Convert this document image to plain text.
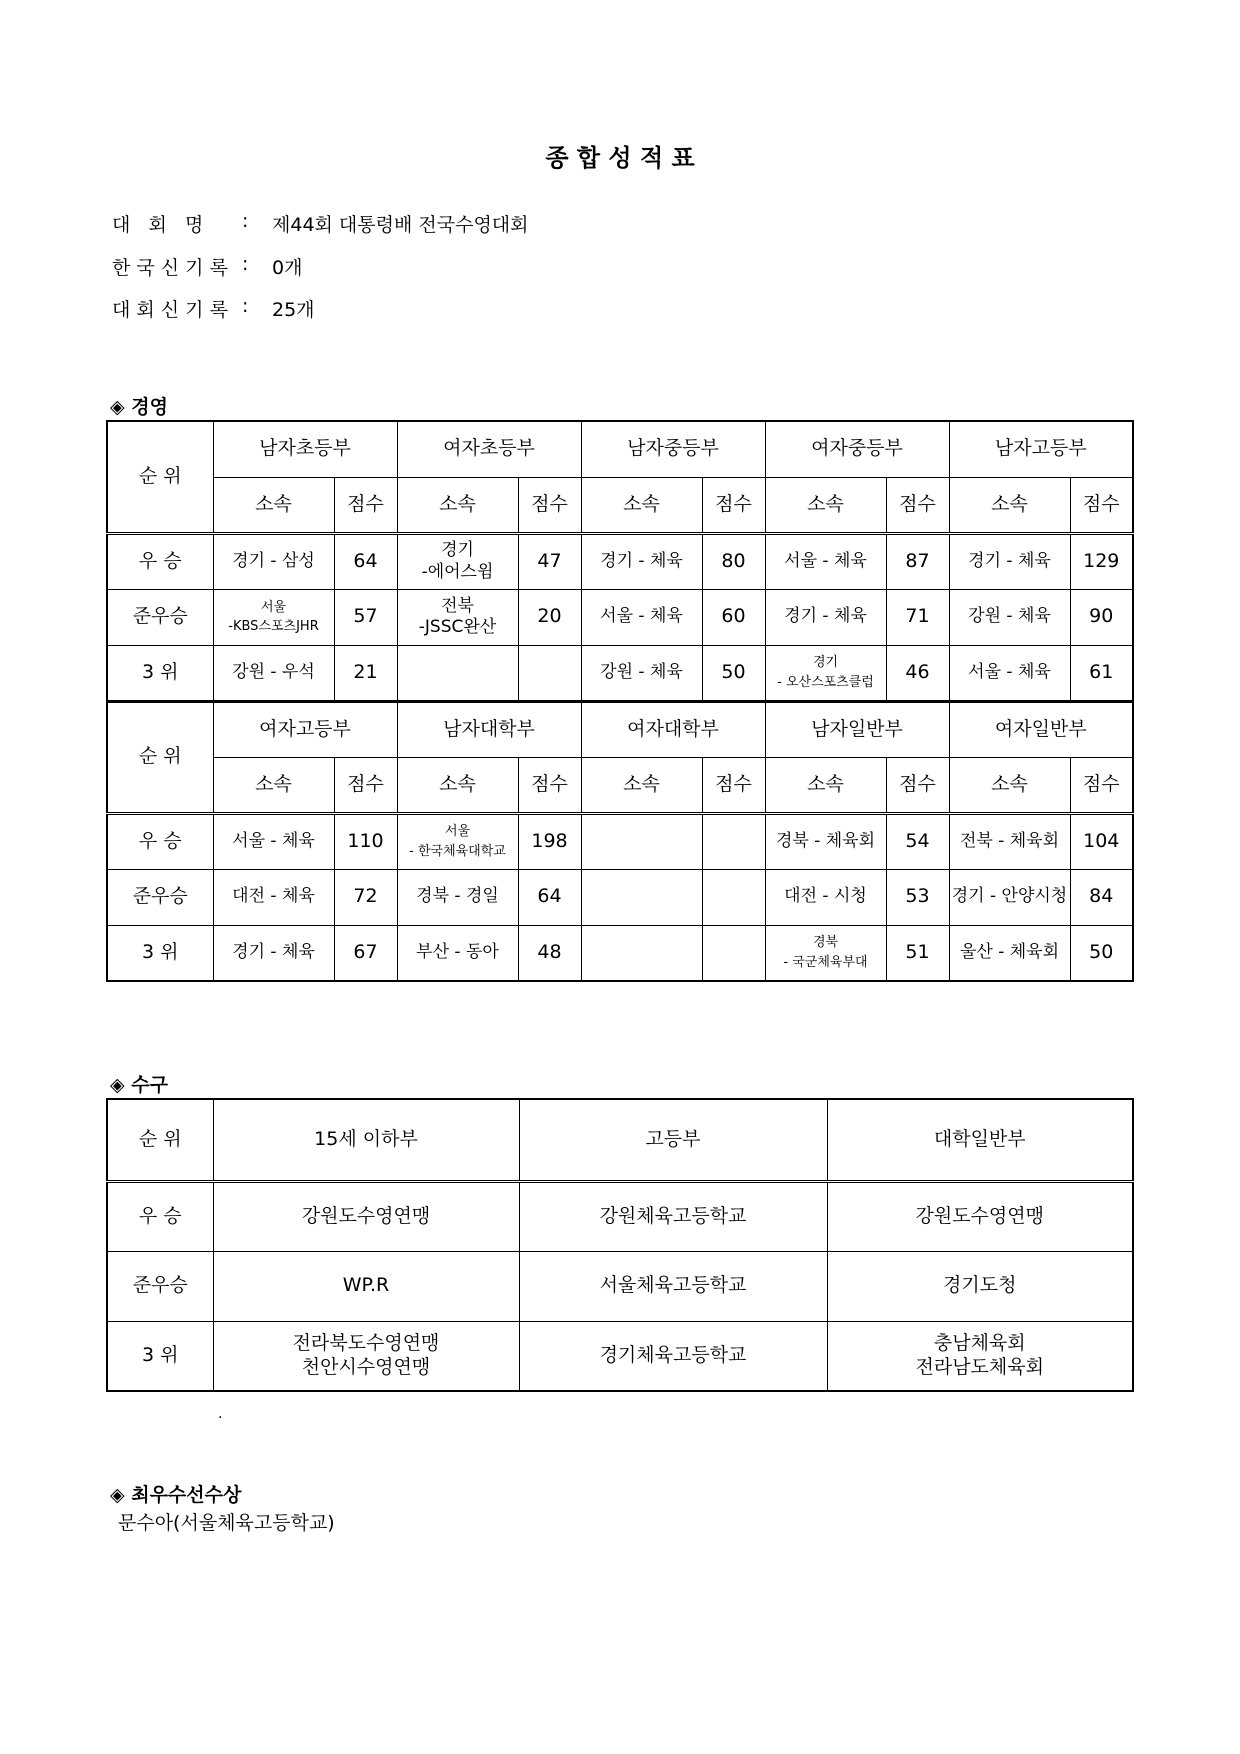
종 합 성 적 표
대   회   명	:	제44회 대통령배 전국수영대회
한 국 신 기 록 :	0개
대 회 신 기 록 :	25개
◈ 경영
순 위	남자초등부		여자초등부		남자중등부		여자중등부		남자고등부	
	소속	점수	소속	점수	소속	점수	소속	점수	소속	점수
우 승	경기 - 삼성	64	경기
-에어스윔	47	경기 - 체육	80	서울 - 체육	87	경기 - 체육	129
준우승	서울
-KBS스포츠JHR	57	전북
-JSSC완산	20	서울 - 체육	60	경기 - 체육	71	강원 - 체육	90
3 위	강원 - 우석	21			강원 - 체육	50	경기
- 오산스포츠클럽	46	서울 - 체육	61
순 위	여자고등부		남자대학부		여자대학부		남자일반부		여자일반부	
	소속	점수	소속	점수	소속	점수	소속	점수	소속	점수
우 승	서울 - 체육	110	서울
- 한국체육대학교	198			경북 - 체육회	54	전북 - 체육회	104
준우승	대전 - 체육	72	경북 - 경일	64			대전 - 시청	53	경기 - 안양시청	84
3 위	경기 - 체육	67	부산 - 동아	48			경북
- 국군체육부대	51	울산 - 체육회	50
◈ 수구
순 위	15세 이하부	고등부	대학일반부
우 승	강원도수영연맹	강원체육고등학교	강원도수영연맹
준우승	WP.R	서울체육고등학교	경기도청
3 위	전라북도수영연맹
천안시수영연맹	경기체육고등학교	충남체육회
전라남도체육회
.
◈ 최우수선수상
문수아(서울체육고등학교)
